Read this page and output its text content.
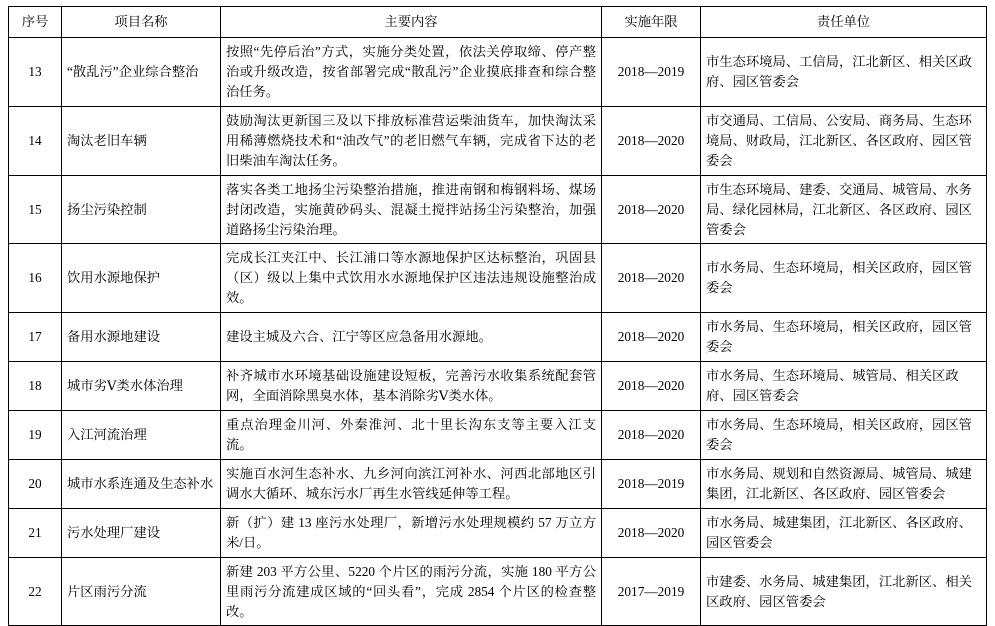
序号	项目名称	主要内容	实施年限	责任单位
13	“散乱污”企业综合整治	按照“先停后治”方式，实施分类处置，依法关停取缔、停产整治或升级改造，按省部署完成“散乱污”企业摸底排查和综合整治任务。	2018—2019	市生态环境局、工信局，江北新区、相关区政府、园区管委会
14	淘汰老旧车辆	鼓励淘汰更新国三及以下排放标准营运柴油货车，加快淘汰采用稀薄燃烧技术和“油改气”的老旧燃气车辆，完成省下达的老旧柴油车淘汰任务。	2018—2020	市交通局、工信局、公安局、商务局、生态环境局、财政局，江北新区、各区政府、园区管委会
15	扬尘污染控制	落实各类工地扬尘污染整治措施，推进南钢和梅钢料场、煤场封闭改造，实施黄砂码头、混凝土搅拌站扬尘污染整治，加强道路扬尘污染治理。	2018—2020	市生态环境局、建委、交通局、城管局、水务局、绿化园林局，江北新区、各区政府、园区管委会
16	饮用水源地保护	完成长江夹江中、长江浦口等水源地保护区达标整治，巩固县（区）级以上集中式饮用水水源地保护区违法违规设施整治成效。	2018—2020	市水务局、生态环境局，相关区政府，园区管委会
17	备用水源地建设	建设主城及六合、江宁等区应急备用水源地。	2018—2020	市水务局、生态环境局，相关区政府，园区管委会
18	城市劣Ⅴ类水体治理	补齐城市水环境基础设施建设短板，完善污水收集系统配套管网，全面消除黑臭水体，基本消除劣Ⅴ类水体。	2018—2020	市水务局、生态环境局、城管局、相关区政府、园区管委会
19	入江河流治理	重点治理金川河、外秦淮河、北十里长沟东支等主要入江支流。	2018—2020	市水务局、生态环境局，相关区政府，园区管委会
20	城市水系连通及生态补水	实施百水河生态补水、九乡河向滨江河补水、河西北部地区引调水大循环、城东污水厂再生水管线延伸等工程。	2018—2019	市水务局、规划和自然资源局、城管局、城建集团，江北新区、各区政府、园区管委会
21	污水处理厂建设	新（扩）建 13 座污水处理厂，新增污水处理规模约 57 万立方米/日。	2018—2020	市水务局、城建集团，江北新区、各区政府、园区管委会
22	片区雨污分流	新建 203 平方公里、5220 个片区的雨污分流，实施 180 平方公里雨污分流建成区域的“回头看”，完成 2854 个片区的检查整改。	2017—2019	市建委、水务局、城建集团，江北新区、相关区政府、园区管委会
